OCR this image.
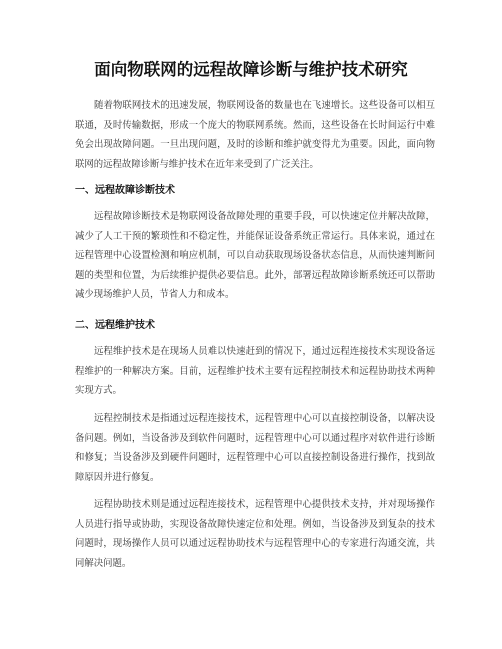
面向物联网的远程故障诊断与维护技术研究

随着物联网技术的迅速发展，物联网设备的数量也在飞速增长。这些设备可以相互联通，及时传输数据，形成一个庞大的物联网系统。然而，这些设备在长时间运行中难免会出现故障问题。一旦出现问题，及时的诊断和维护就变得尤为重要。因此，面向物联网的远程故障诊断与维护技术在近年来受到了广泛关注。

一、远程故障诊断技术

远程故障诊断技术是物联网设备故障处理的重要手段，可以快速定位并解决故障，减少了人工干预的繁琐性和不稳定性，并能保证设备系统正常运行。具体来说，通过在远程管理中心设置检测和响应机制，可以自动获取现场设备状态信息，从而快速判断问题的类型和位置，为后续维护提供必要信息。此外，部署远程故障诊断系统还可以帮助减少现场维护人员，节省人力和成本。

二、远程维护技术

远程维护技术是在现场人员难以快速赶到的情况下，通过远程连接技术实现设备远程维护的一种解决方案。目前，远程维护技术主要有远程控制技术和远程协助技术两种实现方式。

远程控制技术是指通过远程连接技术，远程管理中心可以直接控制设备，以解决设备问题。例如，当设备涉及到软件问题时，远程管理中心可以通过程序对软件进行诊断和修复；当设备涉及到硬件问题时，远程管理中心可以直接控制设备进行操作，找到故障原因并进行修复。

远程协助技术则是通过远程连接技术，远程管理中心提供技术支持，并对现场操作人员进行指导或协助，实现设备故障快速定位和处理。例如，当设备涉及到复杂的技术问题时，现场操作人员可以通过远程协助技术与远程管理中心的专家进行沟通交流，共同解决问题。
